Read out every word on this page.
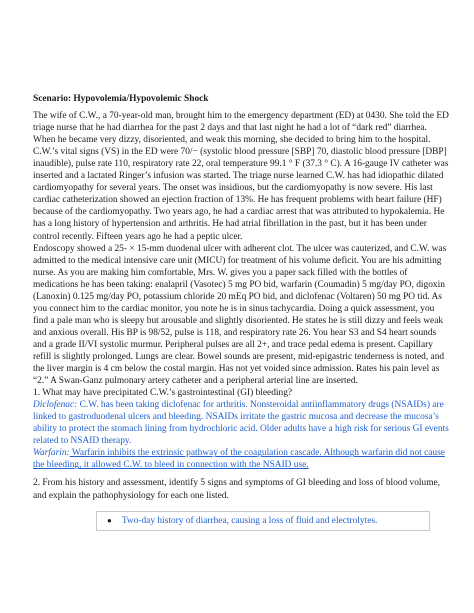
Scenario: Hypovolemia/Hypovolemic Shock

The wife of C.W., a 70-year-old man, brought him to the emergency department (ED) at 0430. She told the ED triage nurse that he had diarrhea for the past 2 days and that last night he had a lot of “dark red” diarrhea. When he became very dizzy, disoriented, and weak this morning, she decided to bring him to the hospital. C.W.’s vital signs (VS) in the ED were 70/− (systolic blood pressure [SBP] 70, diastolic blood pressure [DBP] inaudible), pulse rate 110, respiratory rate 22, oral temperature 99.1 ° F (37.3 ° C). A 16-gauge IV catheter was inserted and a lactated Ringer’s infusion was started. The triage nurse learned C.W. has had idiopathic dilated cardiomyopathy for several years. The onset was insidious, but the cardiomyopathy is now severe. His last cardiac catheterization showed an ejection fraction of 13%. He has frequent problems with heart failure (HF) because of the cardiomyopathy. Two years ago, he had a cardiac arrest that was attributed to hypokalemia. He has a long history of hypertension and arthritis. He had atrial fibrillation in the past, but it has been under control recently. Fifteen years ago he had a peptic ulcer.

Endoscopy showed a 25- × 15-mm duodenal ulcer with adherent clot. The ulcer was cauterized, and C.W. was admitted to the medical intensive care unit (MICU) for treatment of his volume deficit. You are his admitting nurse. As you are making him comfortable, Mrs. W. gives you a paper sack filled with the bottles of medications he has been taking: enalapril (Vasotec) 5 mg PO bid, warfarin (Coumadin) 5 mg/day PO, digoxin (Lanoxin) 0.125 mg/day PO, potassium chloride 20 mEq PO bid, and diclofenac (Voltaren) 50 mg PO tid. As you connect him to the cardiac monitor, you note he is in sinus tachycardia. Doing a quick assessment, you find a pale man who is sleepy but arousable and slightly disoriented. He states he is still dizzy and feels weak and anxious overall. His BP is 98/52, pulse is 118, and respiratory rate 26. You hear S3 and S4 heart sounds and a grade II/VI systolic murmur. Peripheral pulses are all 2+, and trace pedal edema is present. Capillary refill is slightly prolonged. Lungs are clear. Bowel sounds are present, mid-epigastric tenderness is noted, and the liver margin is 4 cm below the costal margin. Has not yet voided since admission. Rates his pain level as “2.” A Swan-Ganz pulmonary artery catheter and a peripheral arterial line are inserted.

1. What may have precipitated C.W.’s gastrointestinal (GI) bleeding?

Diclofenac: C.W. has been taking diclofenac for arthritis. Nonsteroidal antiinflammatory drugs (NSAIDs) are linked to gastroduodenal ulcers and bleeding. NSAIDs irritate the gastric mucosa and decrease the mucosa’s ability to protect the stomach lining from hydrochloric acid. Older adults have a high risk for serious GI events related to NSAID therapy.

Warfarin: Warfarin inhibits the extrinsic pathway of the coagulation cascade. Although warfarin did not cause the bleeding, it allowed C.W. to bleed in connection with the NSAID use.

2. From his history and assessment, identify 5 signs and symptoms of GI bleeding and loss of blood volume, and explain the pathophysiology for each one listed.

● Two-day history of diarrhea, causing a loss of fluid and electrolytes.
